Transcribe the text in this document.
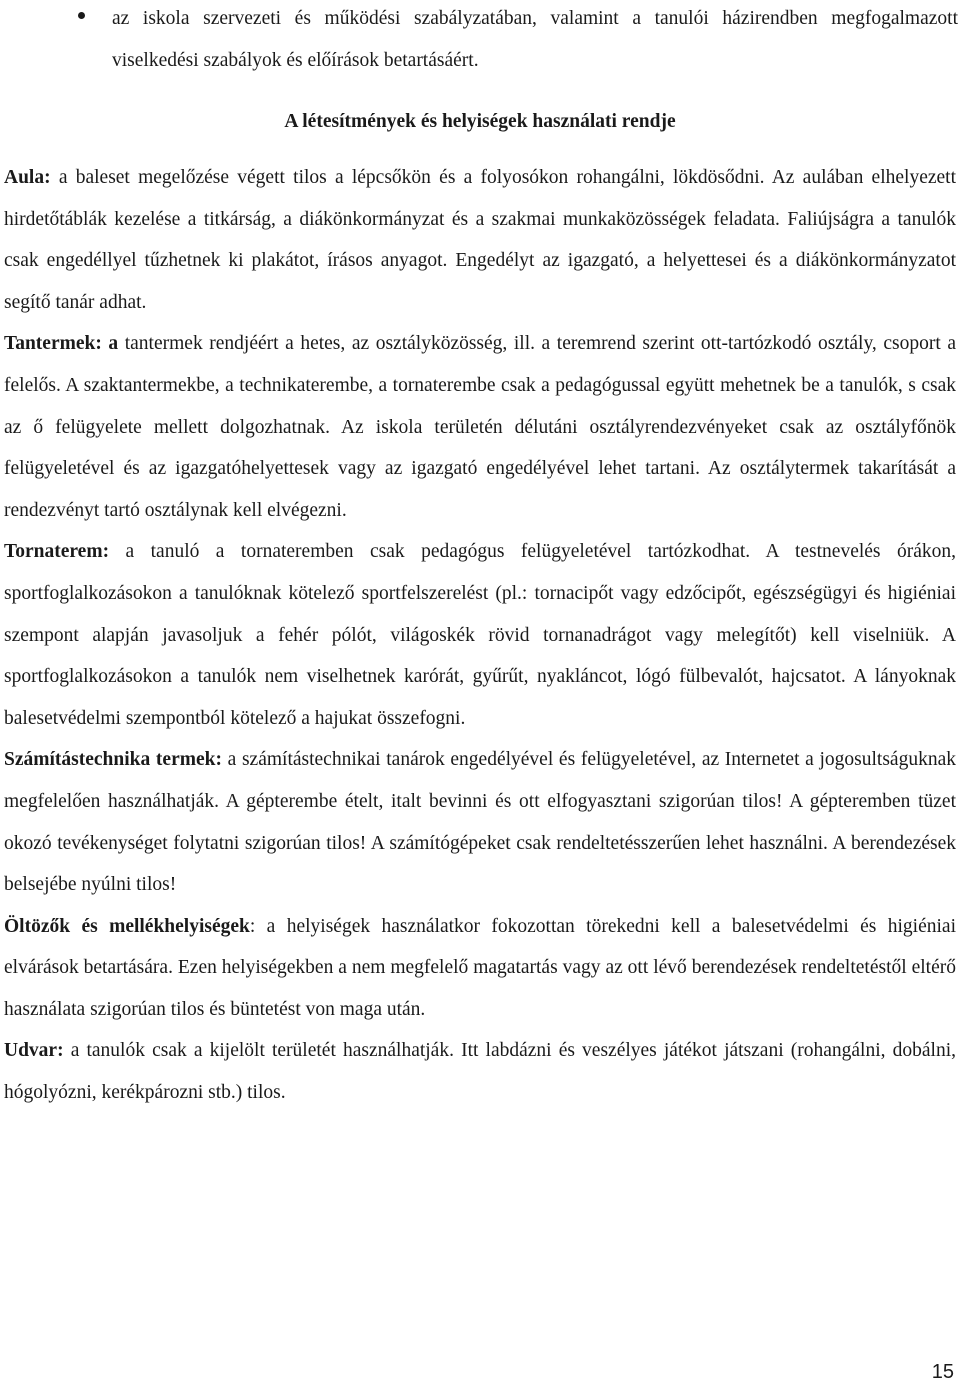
az iskola szervezeti és működési szabályzatában, valamint a tanulói házirendben megfogalmazott viselkedési szabályok és előírások betartásáért.
A létesítmények és helyiségek használati rendje

Aula: a baleset megelőzése végett tilos a lépcsőkön és a folyosókon rohangálni, lökdösődni. Az aulában elhelyezett hirdetőtáblák kezelése a titkárság, a diákönkormányzat és a szakmai munkaközösségek feladata. Faliújságra a tanulók csak engedéllyel tűzhetnek ki plakátot, írásos anyagot. Engedélyt az igazgató, a helyettesei és a diákönkormányzatot segítő tanár adhat.

Tantermek: a tantermek rendjéért a hetes, az osztályközösség, ill. a teremrend szerint ott-tartózkodó osztály, csoport a felelős. A szaktantermekbe, a technikaterembe, a tornaterembe csak a pedagógussal együtt mehetnek be a tanulók, s csak az ő felügyelete mellett dolgozhatnak. Az iskola területén délutáni osztályrendezvényeket csak az osztályfőnök felügyeletével és az igazgatóhelyettesek vagy az igazgató engedélyével lehet tartani. Az osztálytermek takarítását a rendezvényt tartó osztálynak kell elvégezni.

Tornaterem: a tanuló a tornateremben csak pedagógus felügyeletével tartózkodhat. A testnevelés órákon, sportfoglalkozásokon a tanulóknak kötelező sportfelszerelést (pl.: tornacipőt vagy edzőcipőt, egészségügyi és higiéniai szempont alapján javasoljuk a fehér pólót, világoskék rövid tornanadrágot vagy melegítőt) kell viselniük. A sportfoglalkozásokon a tanulók nem viselhetnek karórát, gyűrűt, nyakláncot, lógó fülbevalót, hajcsatot. A lányoknak balesetvédelmi szempontból kötelező a hajukat összefogni.

Számítástechnika termek: a számítástechnikai tanárok engedélyével és felügyeletével, az Internetet a jogosultságuknak megfelelően használhatják. A gépterembe ételt, italt bevinni és ott elfogyasztani szigorúan tilos! A gépteremben tüzet okozó tevékenységet folytatni szigorúan tilos! A számítógépeket csak rendeltetésszerűen lehet használni. A berendezések belsejébe nyúlni tilos!

Öltözők és mellékhelyiségek: a helyiségek használatkor fokozottan törekedni kell a balesetvédelmi és higiéniai elvárások betartására. Ezen helyiségekben a nem megfelelő magatartás vagy az ott lévő berendezések rendeltetéstől eltérő használata szigorúan tilos és büntetést von maga után.

Udvar: a tanulók csak a kijelölt területét használhatják. Itt labdázni és veszélyes játékot játszani (rohangálni, dobálni, hógolyózni, kerékpározni stb.) tilos.

15
